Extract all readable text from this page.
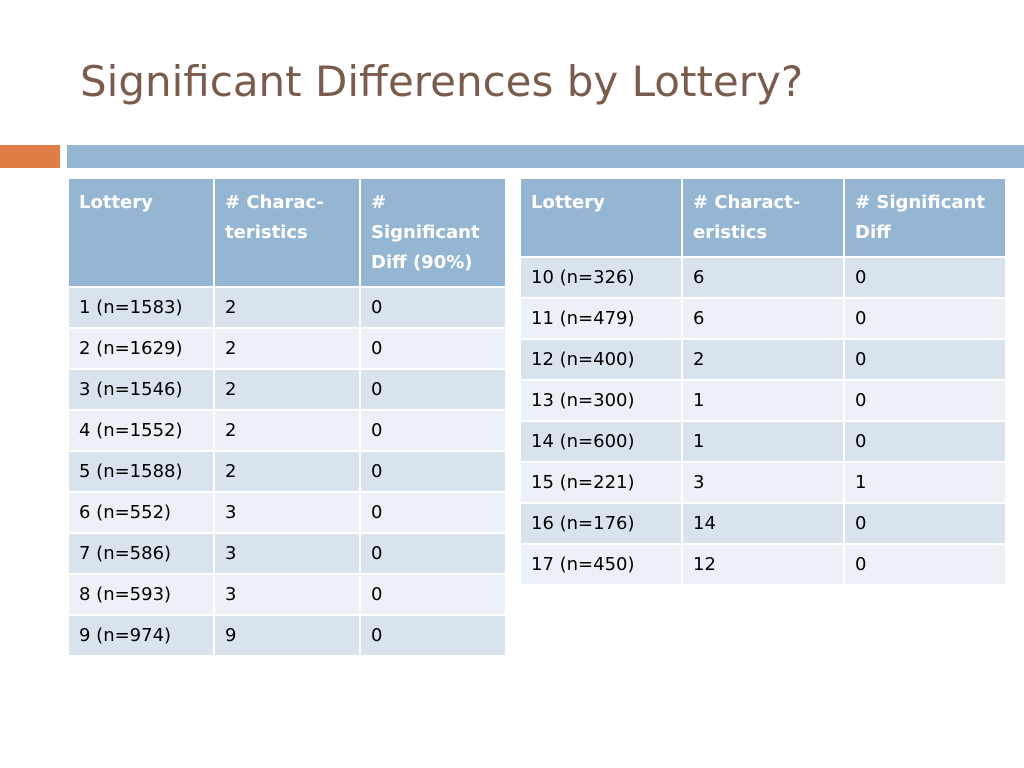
Significant Differences by Lottery?
Lottery	# Charac-teristics	# Significant Diff (90%)
1 (n=1583)	2	0
2 (n=1629)	2	0
3 (n=1546)	2	0
4 (n=1552)	2	0
5 (n=1588)	2	0
6 (n=552)	3	0
7 (n=586)	3	0
8 (n=593)	3	0
9 (n=974)	9	0
Lottery	# Charact-eristics	# Significant Diff
10 (n=326)	6	0
11 (n=479)	6	0
12 (n=400)	2	0
13 (n=300)	1	0
14 (n=600)	1	0
15 (n=221)	3	1
16 (n=176)	14	0
17 (n=450)	12	0
